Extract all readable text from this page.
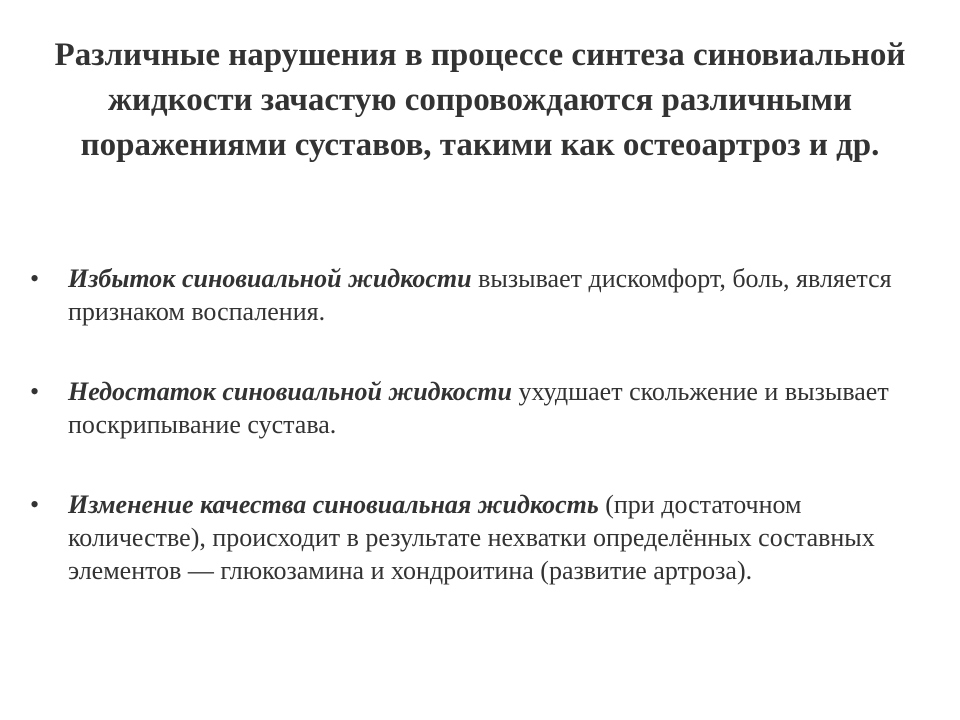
Различные нарушения в процессе синтеза синовиальной жидкости зачастую сопровождаются различными поражениями суставов, такими как остеоартроз и др.
• Избыток синовиальной жидкости вызывает дискомфорт, боль, является признаком воспаления.
• Недостаток синовиальной жидкости ухудшает скольжение и вызывает поскрипывание сустава.
• Изменение качества синовиальная жидкость (при достаточном количестве), происходит в результате нехватки определённых составных элементов — глюкозамина и хондроитина (развитие артроза).
